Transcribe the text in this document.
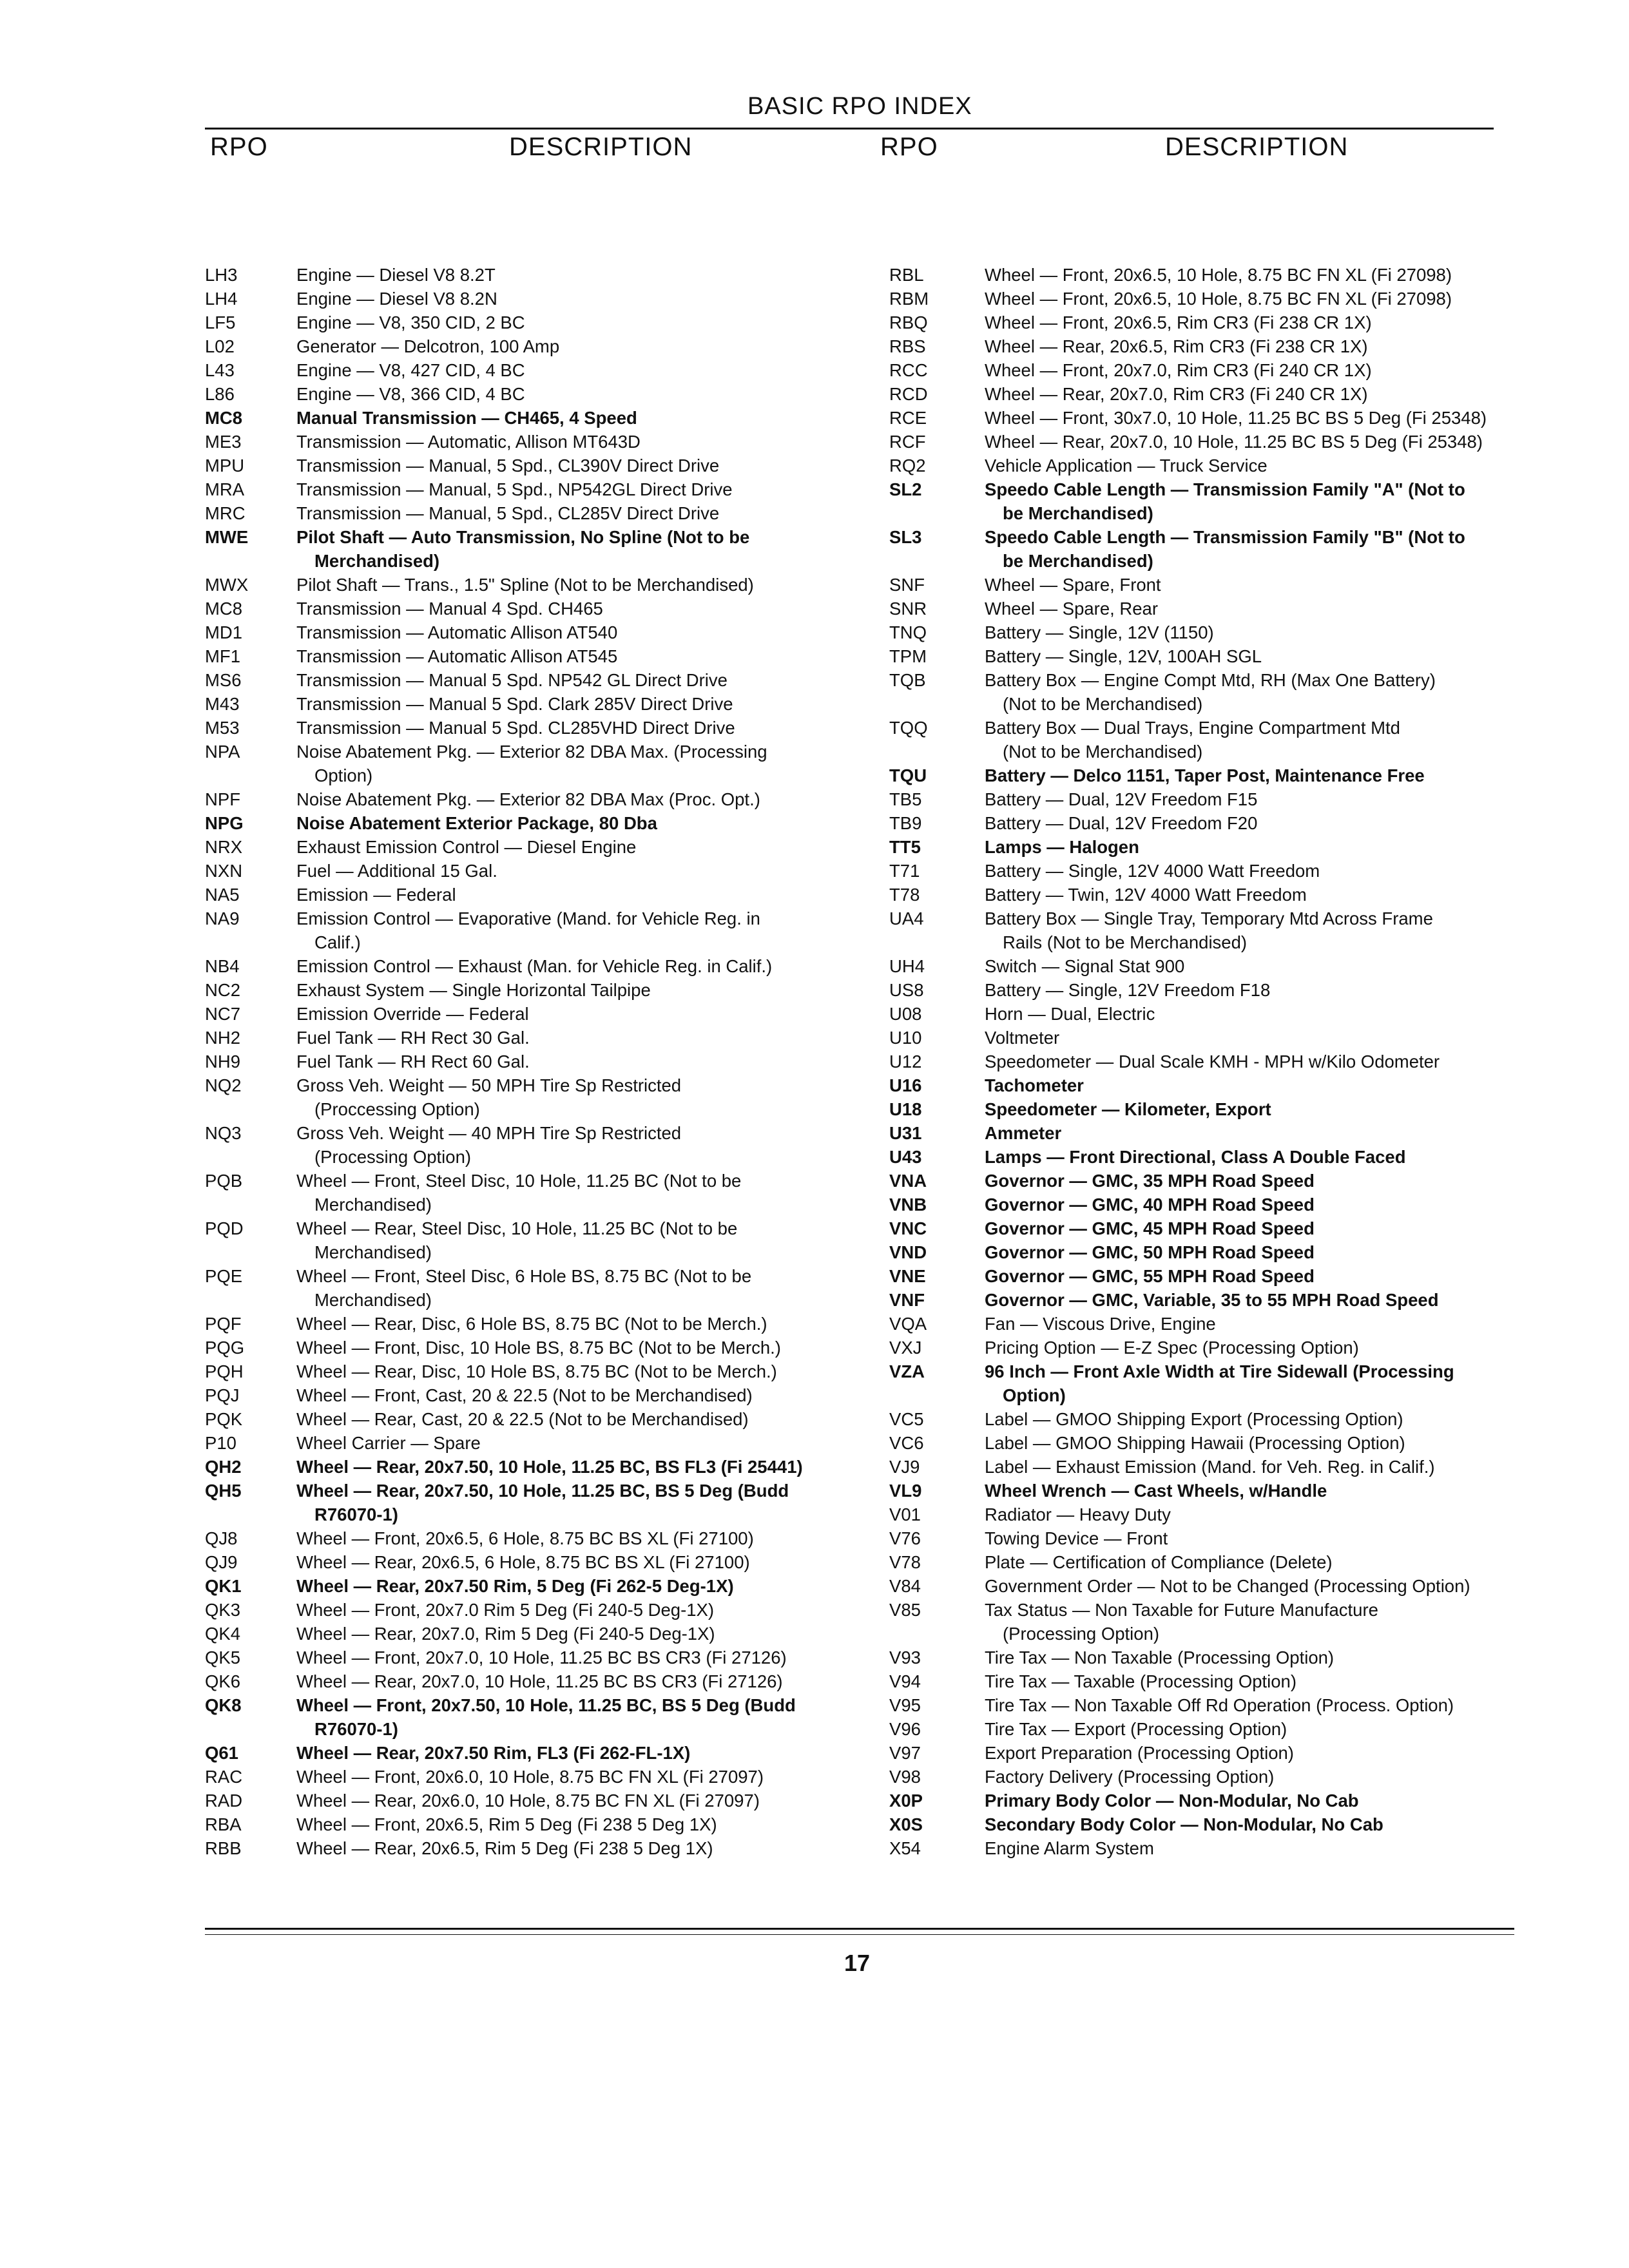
BASIC RPO INDEX
RPO	DESCRIPTION	RPO	DESCRIPTION
LH3	Engine — Diesel V8 8.2T
LH4	Engine — Diesel V8 8.2N
LF5	Engine — V8, 350 CID, 2 BC
L02	Generator — Delcotron, 100 Amp
L43	Engine — V8, 427 CID, 4 BC
L86	Engine — V8, 366 CID, 4 BC
MC8	Manual Transmission — CH465, 4 Speed
ME3	Transmission — Automatic, Allison MT643D
MPU	Transmission — Manual, 5 Spd., CL390V Direct Drive
MRA	Transmission — Manual, 5 Spd., NP542GL Direct Drive
MRC	Transmission — Manual, 5 Spd., CL285V Direct Drive
MWE	Pilot Shaft — Auto Transmission, No Spline (Not to be
Merchandised)
MWX	Pilot Shaft — Trans., 1.5" Spline (Not to be Merchandised)
MC8	Transmission — Manual 4 Spd. CH465
MD1	Transmission — Automatic Allison AT540
MF1	Transmission — Automatic Allison AT545
MS6	Transmission — Manual 5 Spd. NP542 GL Direct Drive
M43	Transmission — Manual 5 Spd. Clark 285V Direct Drive
M53	Transmission — Manual 5 Spd. CL285VHD Direct Drive
NPA	Noise Abatement Pkg. — Exterior 82 DBA Max. (Processing
Option)
NPF	Noise Abatement Pkg. — Exterior 82 DBA Max (Proc. Opt.)
NPG	Noise Abatement Exterior Package, 80 Dba
NRX	Exhaust Emission Control — Diesel Engine
NXN	Fuel — Additional 15 Gal.
NA5	Emission — Federal
NA9	Emission Control — Evaporative (Mand. for Vehicle Reg. in
Calif.)
NB4	Emission Control — Exhaust (Man. for Vehicle Reg. in Calif.)
NC2	Exhaust System — Single Horizontal Tailpipe
NC7	Emission Override — Federal
NH2	Fuel Tank — RH Rect 30 Gal.
NH9	Fuel Tank — RH Rect 60 Gal.
NQ2	Gross Veh. Weight — 50 MPH Tire Sp Restricted
(Proccessing Option)
NQ3	Gross Veh. Weight — 40 MPH Tire Sp Restricted
(Processing Option)
PQB	Wheel — Front, Steel Disc, 10 Hole, 11.25 BC (Not to be
Merchandised)
PQD	Wheel — Rear, Steel Disc, 10 Hole, 11.25 BC (Not to be
Merchandised)
PQE	Wheel — Front, Steel Disc, 6 Hole BS, 8.75 BC (Not to be
Merchandised)
PQF	Wheel — Rear, Disc, 6 Hole BS, 8.75 BC (Not to be Merch.)
PQG	Wheel — Front, Disc, 10 Hole BS, 8.75 BC (Not to be Merch.)
PQH	Wheel — Rear, Disc, 10 Hole BS, 8.75 BC (Not to be Merch.)
PQJ	Wheel — Front, Cast, 20 & 22.5 (Not to be Merchandised)
PQK	Wheel — Rear, Cast, 20 & 22.5 (Not to be Merchandised)
P10	Wheel Carrier — Spare
QH2	Wheel — Rear, 20x7.50, 10 Hole, 11.25 BC, BS FL3 (Fi 25441)
QH5	Wheel — Rear, 20x7.50, 10 Hole, 11.25 BC, BS 5 Deg (Budd
R76070-1)
QJ8	Wheel — Front, 20x6.5, 6 Hole, 8.75 BC BS XL (Fi 27100)
QJ9	Wheel — Rear, 20x6.5, 6 Hole, 8.75 BC BS XL (Fi 27100)
QK1	Wheel — Rear, 20x7.50 Rim, 5 Deg (Fi 262-5 Deg-1X)
QK3	Wheel — Front, 20x7.0 Rim 5 Deg (Fi 240-5 Deg-1X)
QK4	Wheel — Rear, 20x7.0, Rim 5 Deg (Fi 240-5 Deg-1X)
QK5	Wheel — Front, 20x7.0, 10 Hole, 11.25 BC BS CR3 (Fi 27126)
QK6	Wheel — Rear, 20x7.0, 10 Hole, 11.25 BC BS CR3 (Fi 27126)
QK8	Wheel — Front, 20x7.50, 10 Hole, 11.25 BC, BS 5 Deg (Budd
R76070-1)
Q61	Wheel — Rear, 20x7.50 Rim, FL3 (Fi 262-FL-1X)
RAC	Wheel — Front, 20x6.0, 10 Hole, 8.75 BC FN XL (Fi 27097)
RAD	Wheel — Rear, 20x6.0, 10 Hole, 8.75 BC FN XL (Fi 27097)
RBA	Wheel — Front, 20x6.5, Rim 5 Deg (Fi 238 5 Deg 1X)
RBB	Wheel — Rear, 20x6.5, Rim 5 Deg (Fi 238 5 Deg 1X)
RBL	Wheel — Front, 20x6.5, 10 Hole, 8.75 BC FN XL (Fi 27098)
RBM	Wheel — Front, 20x6.5, 10 Hole, 8.75 BC FN XL (Fi 27098)
RBQ	Wheel — Front, 20x6.5, Rim CR3 (Fi 238 CR 1X)
RBS	Wheel — Rear, 20x6.5, Rim CR3 (Fi 238 CR 1X)
RCC	Wheel — Front, 20x7.0, Rim CR3 (Fi 240 CR 1X)
RCD	Wheel — Rear, 20x7.0, Rim CR3 (Fi 240 CR 1X)
RCE	Wheel — Front, 30x7.0, 10 Hole, 11.25 BC BS 5 Deg (Fi 25348)
RCF	Wheel — Rear, 20x7.0, 10 Hole, 11.25 BC BS 5 Deg (Fi 25348)
RQ2	Vehicle Application — Truck Service
SL2	Speedo Cable Length — Transmission Family "A" (Not to
be Merchandised)
SL3	Speedo Cable Length — Transmission Family "B" (Not to
be Merchandised)
SNF	Wheel — Spare, Front
SNR	Wheel — Spare, Rear
TNQ	Battery — Single, 12V (1150)
TPM	Battery — Single, 12V, 100AH SGL
TQB	Battery Box — Engine Compt Mtd, RH (Max One Battery)
(Not to be Merchandised)
TQQ	Battery Box — Dual Trays, Engine Compartment Mtd
(Not to be Merchandised)
TQU	Battery — Delco 1151, Taper Post, Maintenance Free
TB5	Battery — Dual, 12V Freedom F15
TB9	Battery — Dual, 12V Freedom F20
TT5	Lamps — Halogen
T71	Battery — Single, 12V 4000 Watt Freedom
T78	Battery — Twin, 12V 4000 Watt Freedom
UA4	Battery Box — Single Tray, Temporary Mtd Across Frame
Rails (Not to be Merchandised)
UH4	Switch — Signal Stat 900
US8	Battery — Single, 12V Freedom F18
U08	Horn — Dual, Electric
U10	Voltmeter
U12	Speedometer — Dual Scale KMH - MPH w/Kilo Odometer
U16	Tachometer
U18	Speedometer — Kilometer, Export
U31	Ammeter
U43	Lamps — Front Directional, Class A Double Faced
VNA	Governor — GMC, 35 MPH Road Speed
VNB	Governor — GMC, 40 MPH Road Speed
VNC	Governor — GMC, 45 MPH Road Speed
VND	Governor — GMC, 50 MPH Road Speed
VNE	Governor — GMC, 55 MPH Road Speed
VNF	Governor — GMC, Variable, 35 to 55 MPH Road Speed
VQA	Fan — Viscous Drive, Engine
VXJ	Pricing Option — E-Z Spec (Processing Option)
VZA	96 Inch — Front Axle Width at Tire Sidewall (Processing
Option)
VC5	Label — GMOO Shipping Export (Processing Option)
VC6	Label — GMOO Shipping Hawaii (Processing Option)
VJ9	Label — Exhaust Emission (Mand. for Veh. Reg. in Calif.)
VL9	Wheel Wrench — Cast Wheels, w/Handle
V01	Radiator — Heavy Duty
V76	Towing Device — Front
V78	Plate — Certification of Compliance (Delete)
V84	Government Order — Not to be Changed (Processing Option)
V85	Tax Status — Non Taxable for Future Manufacture
(Processing Option)
V93	Tire Tax — Non Taxable (Processing Option)
V94	Tire Tax — Taxable (Processing Option)
V95	Tire Tax — Non Taxable Off Rd Operation (Process. Option)
V96	Tire Tax — Export (Processing Option)
V97	Export Preparation (Processing Option)
V98	Factory Delivery (Processing Option)
X0P	Primary Body Color — Non-Modular, No Cab
X0S	Secondary Body Color — Non-Modular, No Cab
X54	Engine Alarm System
17
